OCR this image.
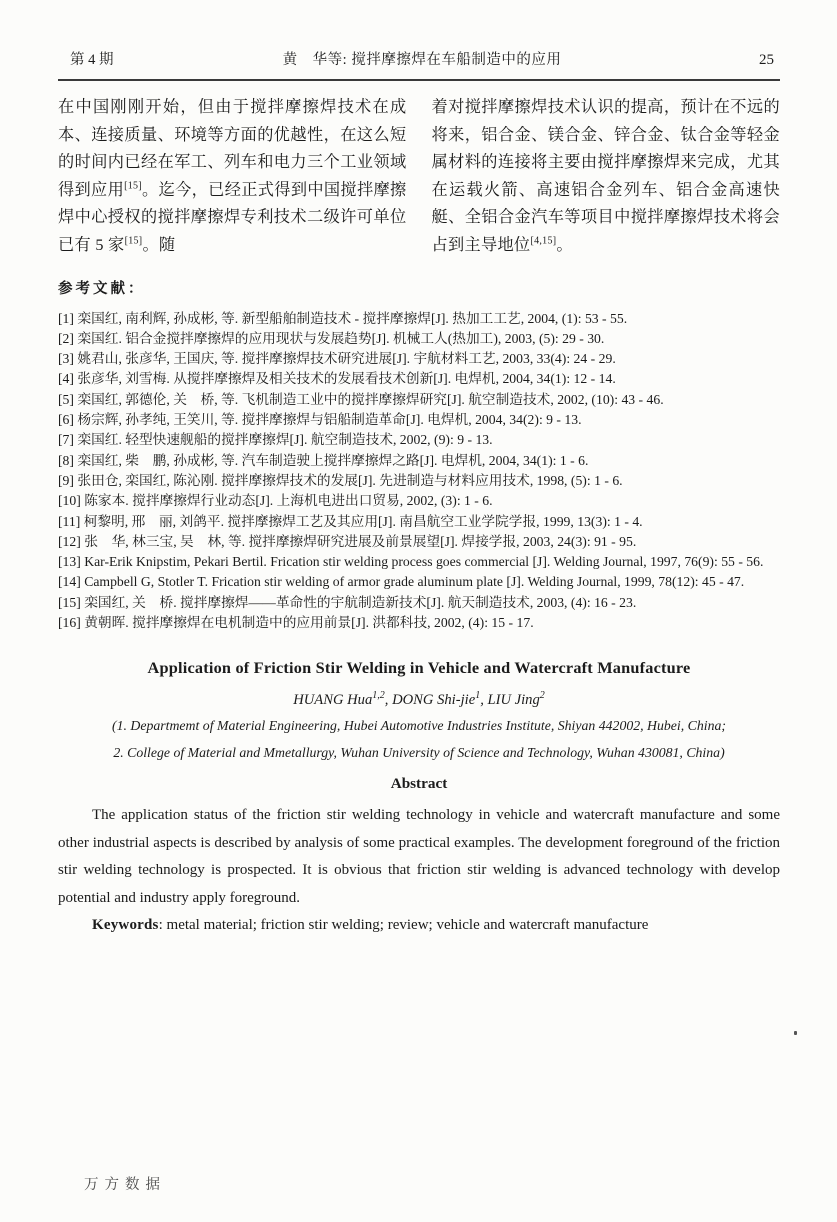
第 4 期	黄　华等: 搅拌摩擦焊在车船制造中的应用	25

在中国刚刚开始，但由于搅拌摩擦焊技术在成本、连接质量、环境等方面的优越性，在这么短的时间内已经在军工、列车和电力三个工业领域得到应用[15]。迄今，已经正式得到中国搅拌摩擦焊中心授权的搅拌摩擦焊专利技术二级许可单位已有 5 家[15]。随

着对搅拌摩擦焊技术认识的提高，预计在不远的将来，铝合金、镁合金、锌合金、钛合金等轻金属材料的连接将主要由搅拌摩擦焊来完成，尤其在运载火箭、高速铝合金列车、铝合金高速快艇、全铝合金汽车等项目中搅拌摩擦焊技术将会占到主导地位[4,15]。

参考文献：
[1] 栾国红, 南利辉, 孙成彬, 等. 新型船舶制造技术 - 搅拌摩擦焊[J]. 热加工工艺, 2004, (1): 53 - 55.
[2] 栾国红. 铝合金搅拌摩擦焊的应用现状与发展趋势[J]. 机械工人(热加工), 2003, (5): 29 - 30.
[3] 姚君山, 张彦华, 王国庆, 等. 搅拌摩擦焊技术研究进展[J]. 宇航材料工艺, 2003, 33(4): 24 - 29.
[4] 张彦华, 刘雪梅. 从搅拌摩擦焊及相关技术的发展看技术创新[J]. 电焊机, 2004, 34(1): 12 - 14.
[5] 栾国红, 郭德伦, 关　桥, 等. 飞机制造工业中的搅拌摩擦焊研究[J]. 航空制造技术, 2002, (10): 43 - 46.
[6] 杨宗辉, 孙孝纯, 王笑川, 等. 搅拌摩擦焊与铝船制造革命[J]. 电焊机, 2004, 34(2): 9 - 13.
[7] 栾国红. 轻型快速舰船的搅拌摩擦焊[J]. 航空制造技术, 2002, (9): 9 - 13.
[8] 栾国红, 柴　鹏, 孙成彬, 等. 汽车制造驶上搅拌摩擦焊之路[J]. 电焊机, 2004, 34(1): 1 - 6.
[9] 张田仓, 栾国红, 陈沁刚. 搅拌摩擦焊技术的发展[J]. 先进制造与材料应用技术, 1998, (5): 1 - 6.
[10] 陈家本. 搅拌摩擦焊行业动态[J]. 上海机电进出口贸易, 2002, (3): 1 - 6.
[11] 柯黎明, 邢　丽, 刘鸽平. 搅拌摩擦焊工艺及其应用[J]. 南昌航空工业学院学报, 1999, 13(3): 1 - 4.
[12] 张　华, 林三宝, 吴　林, 等. 搅拌摩擦焊研究进展及前景展望[J]. 焊接学报, 2003, 24(3): 91 - 95.
[13] Kar-Erik Knipstim, Pekari Bertil. Frication stir welding process goes commercial [J]. Welding Journal, 1997, 76(9): 55 - 56.
[14] Campbell G, Stotler T. Frication stir welding of armor grade aluminum plate [J]. Welding Journal, 1999, 78(12): 45 - 47.
[15] 栾国红, 关　桥. 搅拌摩擦焊——革命性的宇航制造新技术[J]. 航天制造技术, 2003, (4): 16 - 23.
[16] 黄朝晖. 搅拌摩擦焊在电机制造中的应用前景[J]. 洪都科技, 2002, (4): 15 - 17.
Application of Friction Stir Welding in Vehicle and Watercraft Manufacture

HUANG Hua$^{1,2}$, DONG Shi-jie$^1$, LIU Jing$^2$

(1. Departmemt of Material Engineering, Hubei Automotive Industries Institute, Shiyan 442002, Hubei, China;

2. College of Material and Mmetallurgy, Wuhan University of Science and Technology, Wuhan 430081, China)

Abstract

The application status of the friction stir welding technology in vehicle and watercraft manufacture and some other industrial aspects is described by analysis of some practical examples. The development foreground of the friction stir welding technology is prospected. It is obvious that friction stir welding is advanced technology with develop potential and industry apply foreground.

Keywords: metal material; friction stir welding; review; vehicle and watercraft manufacture

万方数据
